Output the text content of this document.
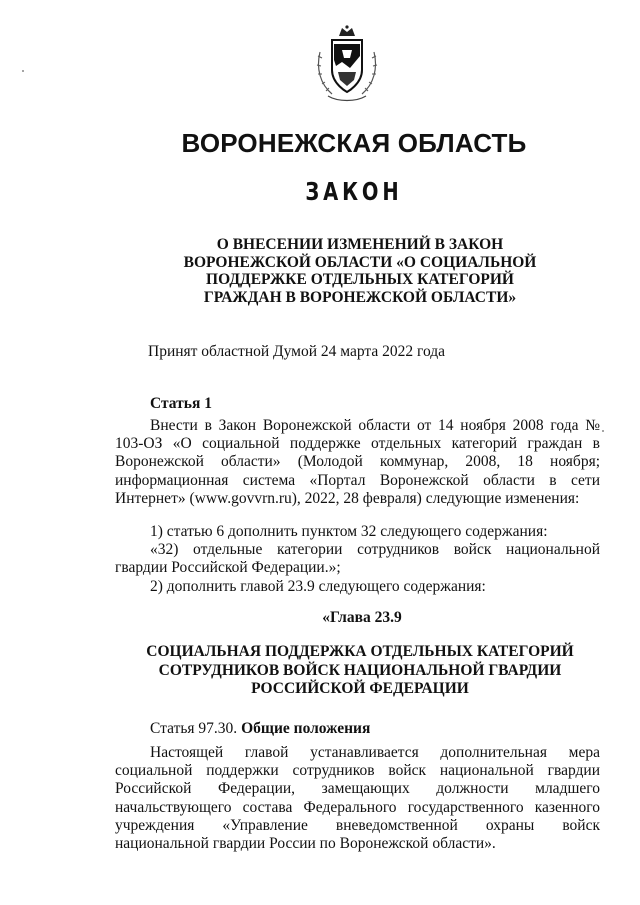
ВОРОНЕЖСКАЯ ОБЛАСТЬ
ЗАКОН
О ВНЕСЕНИИ ИЗМЕНЕНИЙ В ЗАКОН
ВОРОНЕЖСКОЙ ОБЛАСТИ «О СОЦИАЛЬНОЙ
ПОДДЕРЖКЕ ОТДЕЛЬНЫХ КАТЕГОРИЙ
ГРАЖДАН В ВОРОНЕЖСКОЙ ОБЛАСТИ»
Принят областной Думой 24 марта 2022 года
Статья 1
Внести в Закон Воронежской области от 14 ноября 2008 года № 103-ОЗ «О социальной поддержке отдельных категорий граждан в Воронежской области» (Молодой коммунар, 2008, 18 ноября; информационная система «Портал Воронежской области в сети Интернет» (www.govvrn.ru), 2022, 28 февраля) следующие изменения:
1) статью 6 дополнить пунктом 32 следующего содержания:
«32) отдельные категории сотрудников войск национальной гвардии Российской Федерации.»;
2) дополнить главой 23.9 следующего содержания:
«Глава 23.9
СОЦИАЛЬНАЯ ПОДДЕРЖКА ОТДЕЛЬНЫХ КАТЕГОРИЙ
СОТРУДНИКОВ ВОЙСК НАЦИОНАЛЬНОЙ ГВАРДИИ
РОССИЙСКОЙ ФЕДЕРАЦИИ
Статья 97.30. Общие положения
Настоящей главой устанавливается дополнительная мера социальной поддержки сотрудников войск национальной гвардии Российской Федерации, замещающих должности младшего начальствующего состава Федерального государственного казенного учреждения «Управление вневедомственной охраны войск национальной гвардии России по Воронежской области».
